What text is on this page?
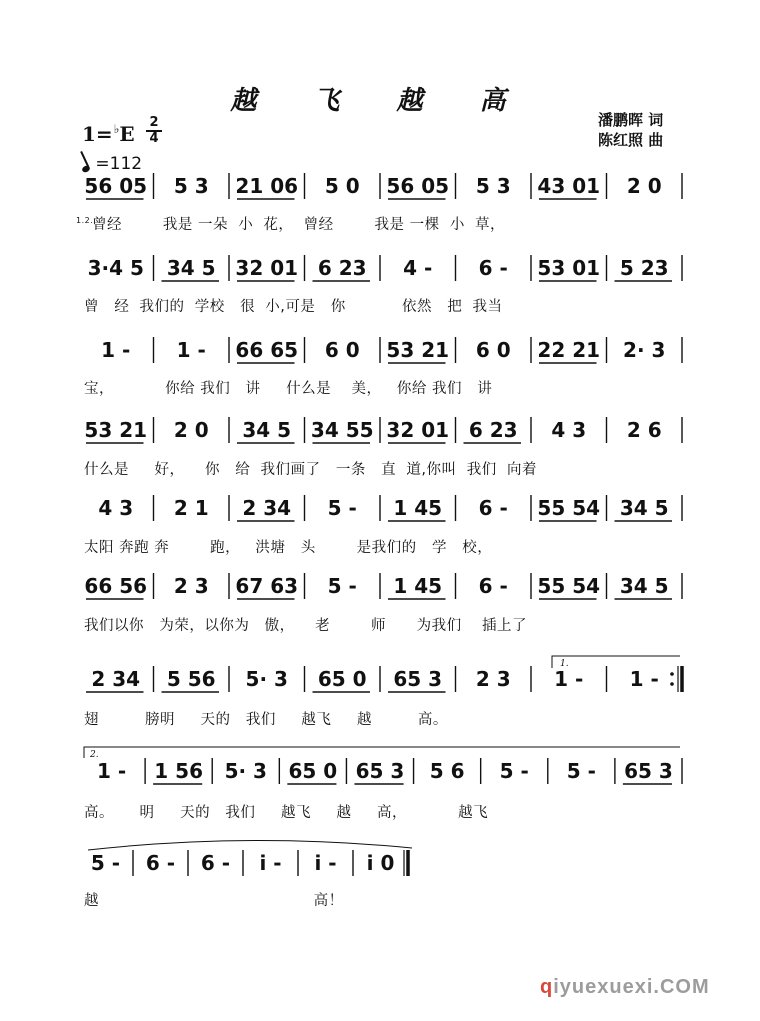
越 飞 越 高
潘鹏晖 词
陈红照 曲
1=♭E 2
4
=112
56 05 5 3 21 06 5 0 56 05 5 3 43 01 2 0
3·4 5 34 5 32 01 6 23 4 - 6 - 53 01 5 23
1 - 1 - 66 65 6 0 53 21 6 0 22 21 2· 3
53 21 2 0 34 5 34 55 32 01 6 23 4 3 2 6
4 3 2 1 2 34 5 - 1 45 6 - 55 54 34 5
66 56 2 3 67 63 5 - 1 45 6 - 55 54 34 5
2 34 5 56 5· 3 65 0 65 3 2 3 1 - 1 -
1 - 1 56 5· 3 65 0 65 3 5 6 5 - 5 - 65 3
5 - 6 - 6 - i - i - i 0
1.
2.
1.2.
曾经        我是 一朵  小  花，  曾经        我是 一棵  小  草，
曾   经  我们的  学校   很  小,可是   你           依然   把  我当
宝，          你给 我们   讲     什么是    美，   你给 我们   讲
什么是     好，    你   给  我们画了   一条   直  道,你叫  我们  向着
太阳 奔跑 奔        跑，   洪塘   头        是我们的   学   校，
我们以你   为荣，以你为   傲，    老        师      为我们    插上了
翅         膀明     天的   我们     越飞     越         高。
高。     明     天的   我们     越飞     越     高，          越飞
越                                          高！
qiyuexuexi.COM
